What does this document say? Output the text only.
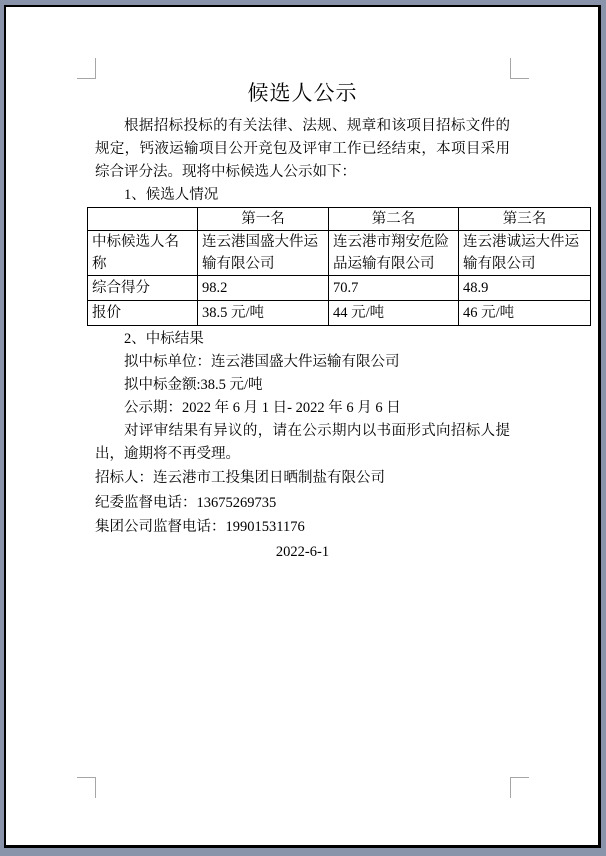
候选人公示

根据招标投标的有关法律、法规、规章和该项目招标文件的规定，钙液运输项目公开竞包及评审工作已经结束，本项目采用综合评分法。现将中标候选人公示如下：

1、候选人情况

	第一名	第二名	第三名
中标候选人名称	连云港国盛大件运输有限公司	连云港市翔安危险品运输有限公司	连云港诚运大件运输有限公司
综合得分	98.2	70.7	48.9
报价	38.5 元/吨	44 元/吨	46 元/吨

2、中标结果

拟中标单位：连云港国盛大件运输有限公司

拟中标金额:38.5 元/吨

公示期：2022 年 6 月 1 日- 2022 年 6 月 6 日

对评审结果有异议的，请在公示期内以书面形式向招标人提出，逾期将不再受理。

招标人：连云港市工投集团日晒制盐有限公司

纪委监督电话：13675269735

集团公司监督电话：19901531176

2022-6-1
